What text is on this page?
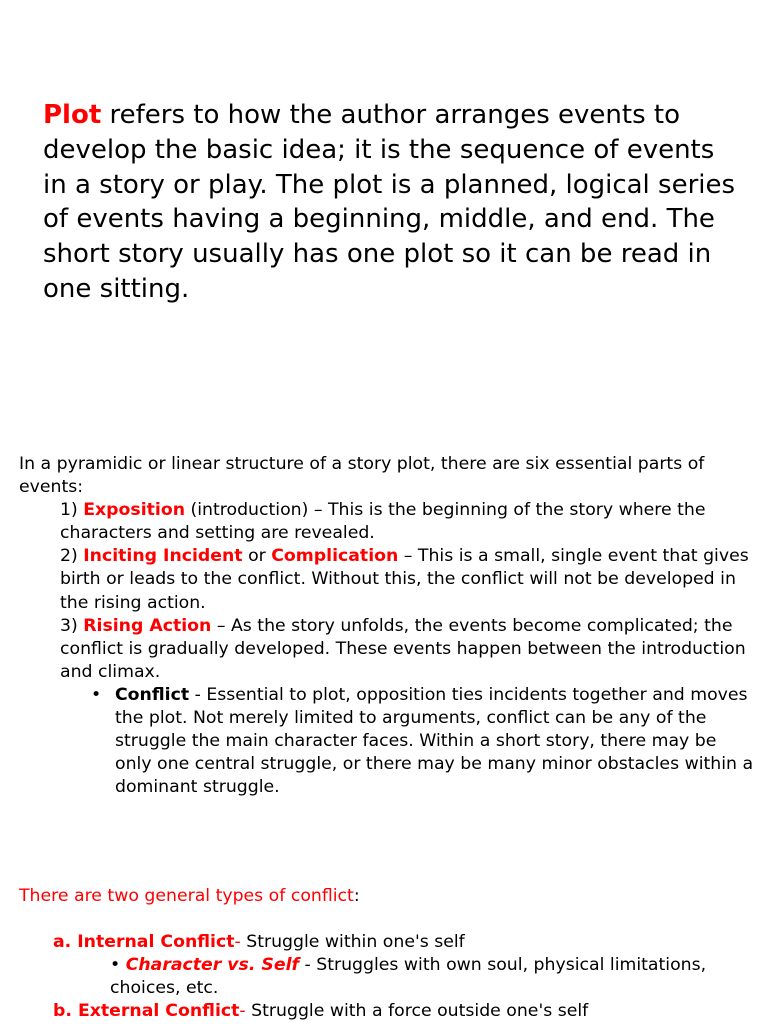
Plot refers to how the author arranges events to develop the basic idea; it is the sequence of events in a story or play. The plot is a planned, logical series of events having a beginning, middle, and end. The short story usually has one plot so it can be read in one sitting.

In a pyramidic or linear structure of a story plot, there are six essential parts of events:

1) Exposition (introduction) – This is the beginning of the story where the characters and setting are revealed.

2) Inciting Incident or Complication – This is a small, single event that gives birth or leads to the conflict. Without this, the conflict will not be developed in the rising action.

3) Rising Action – As the story unfolds, the events become complicated; the conflict is gradually developed. These events happen between the introduction and climax.

• Conflict - Essential to plot, opposition ties incidents together and moves the plot. Not merely limited to arguments, conflict can be any of the struggle the main character faces. Within a short story, there may be only one central struggle, or there may be many minor obstacles within a dominant struggle.

There are two general types of conflict:

a. Internal Conflict- Struggle within one's self

• Character vs. Self - Struggles with own soul, physical limitations, choices, etc.

b. External Conflict- Struggle with a force outside one's self
